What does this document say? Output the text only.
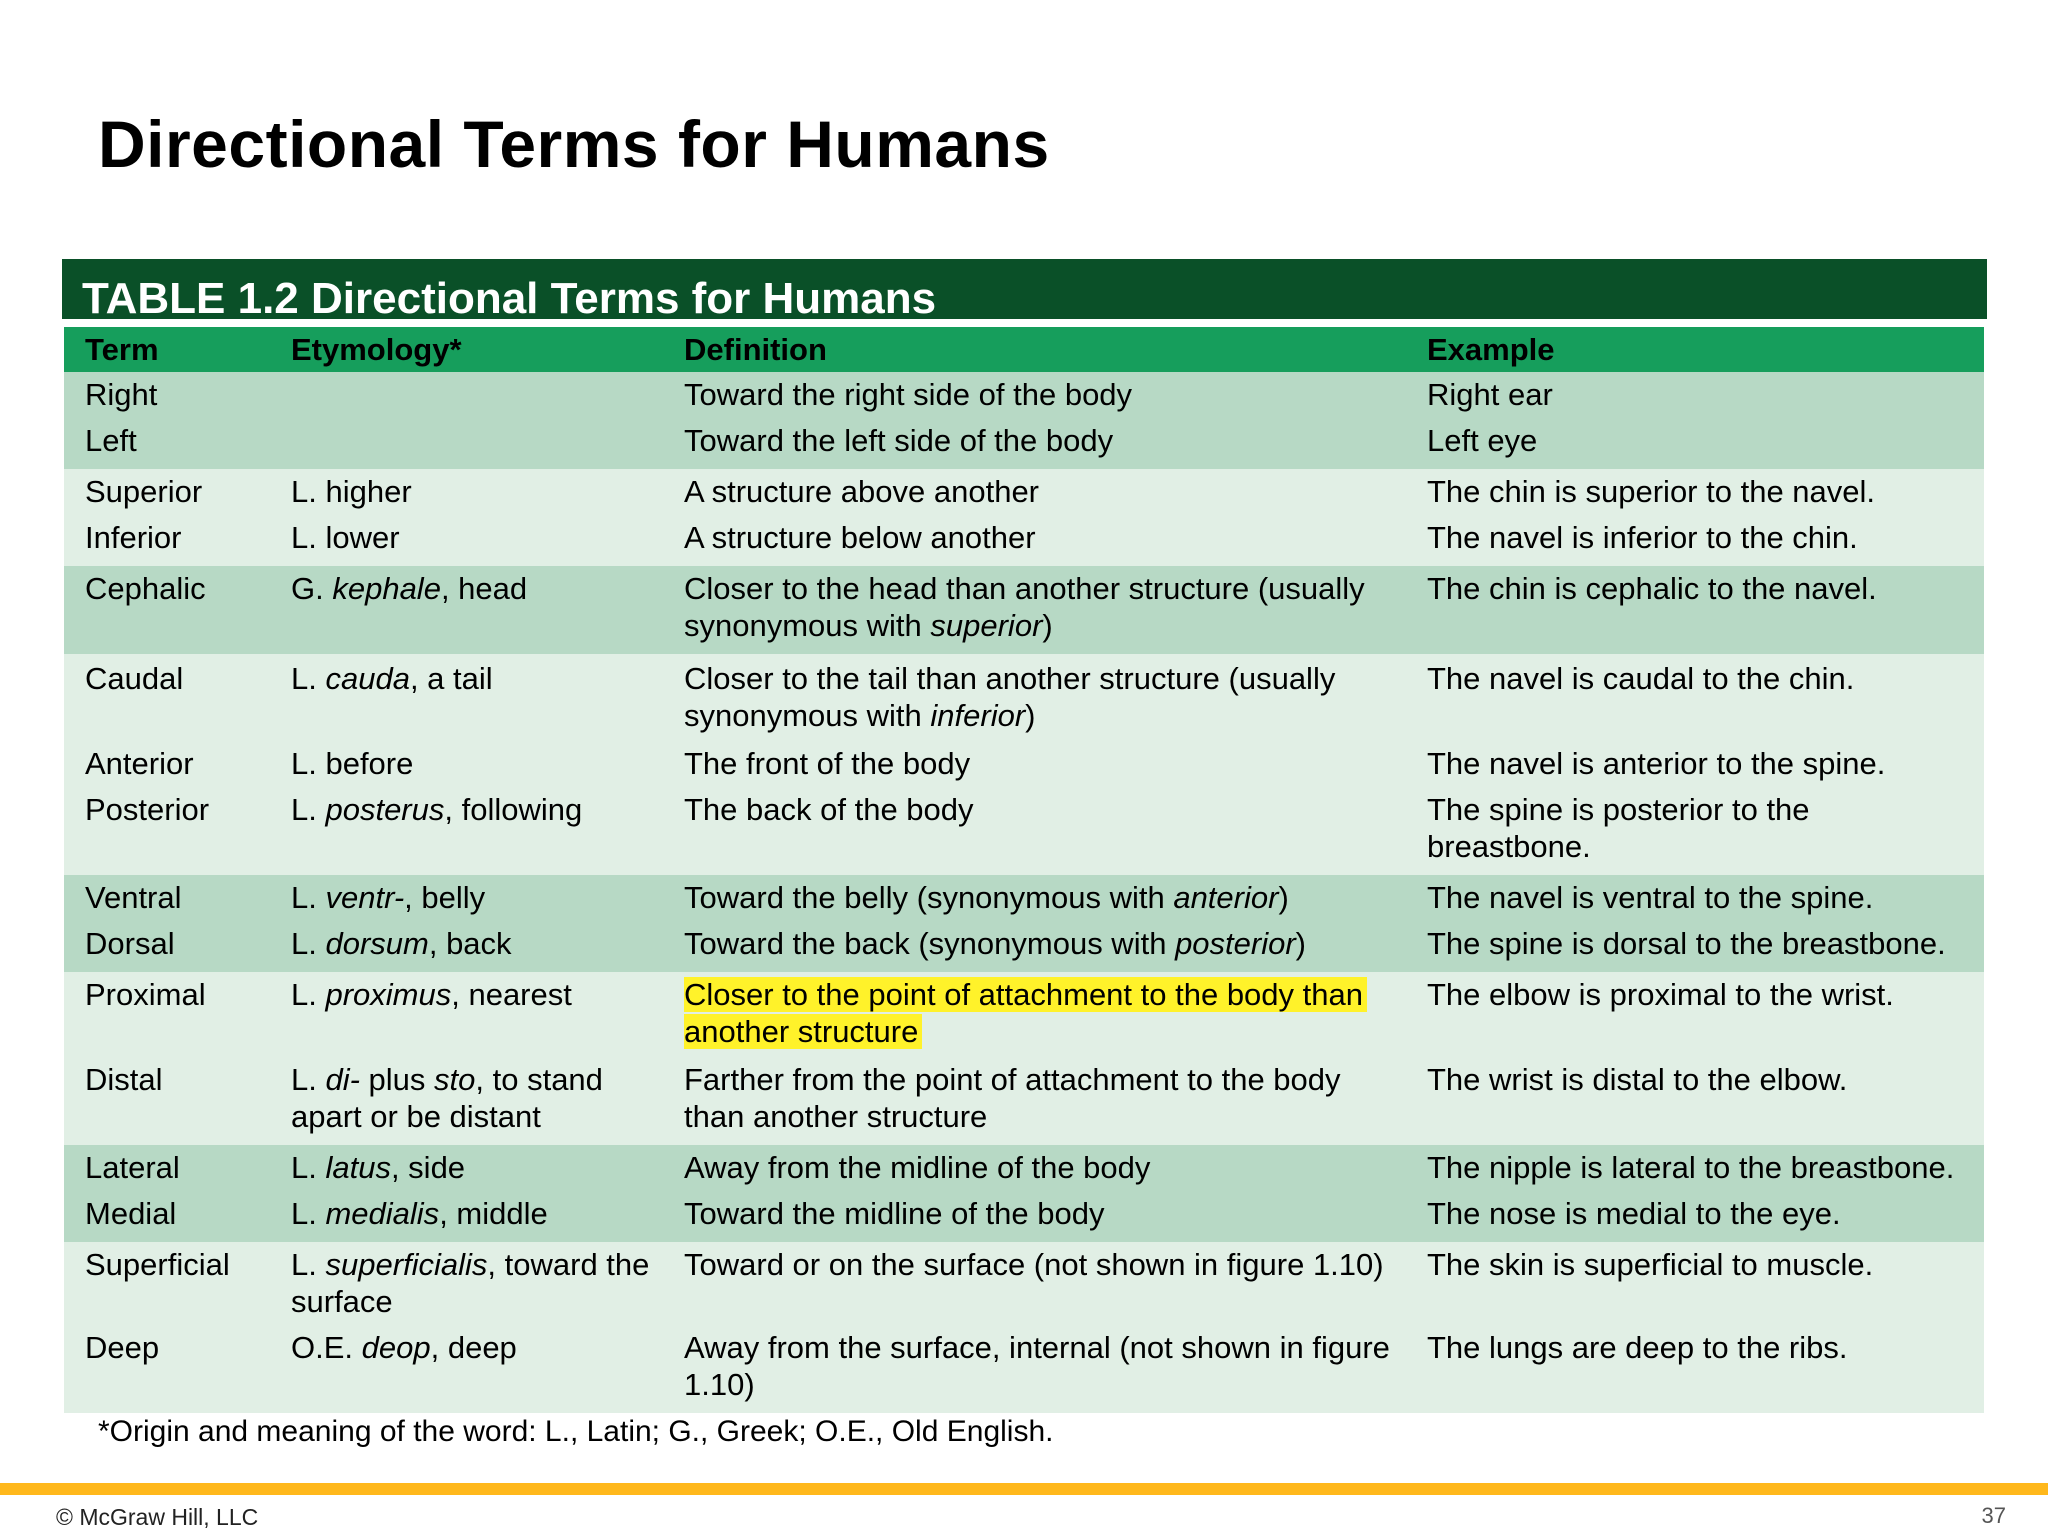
Directional Terms for Humans
TABLE 1.2 Directional Terms for Humans
Term	Etymology*	Definition	Example
Right		Toward the right side of the body	Right ear
Left		Toward the left side of the body	Left eye
Superior	L. higher	A structure above another	The chin is superior to the navel.
Inferior	L. lower	A structure below another	The navel is inferior to the chin.
Cephalic	G. kephale, head	Closer to the head than another structure (usually synonymous with superior)	The chin is cephalic to the navel.
Caudal	L. cauda, a tail	Closer to the tail than another structure (usually synonymous with inferior)	The navel is caudal to the chin.
Anterior	L. before	The front of the body	The navel is anterior to the spine.
Posterior	L. posterus, following	The back of the body	The spine is posterior to the breastbone.
Ventral	L. ventr-, belly	Toward the belly (synonymous with anterior)	The navel is ventral to the spine.
Dorsal	L. dorsum, back	Toward the back (synonymous with posterior)	The spine is dorsal to the breastbone.
Proximal	L. proximus, nearest	Closer to the point of attachment to the body than another structure	The elbow is proximal to the wrist.
Distal	L. di- plus sto, to stand apart or be distant	Farther from the point of attachment to the body than another structure	The wrist is distal to the elbow.
Lateral	L. latus, side	Away from the midline of the body	The nipple is lateral to the breastbone.
Medial	L. medialis, middle	Toward the midline of the body	The nose is medial to the eye.
Superficial	L. superficialis, toward the surface	Toward or on the surface (not shown in figure 1.10)	The skin is superficial to muscle.
Deep	O.E. deop, deep	Away from the surface, internal (not shown in figure 1.10)	The lungs are deep to the ribs.
*Origin and meaning of the word: L., Latin; G., Greek; O.E., Old English.
© McGraw Hill, LLC	37
